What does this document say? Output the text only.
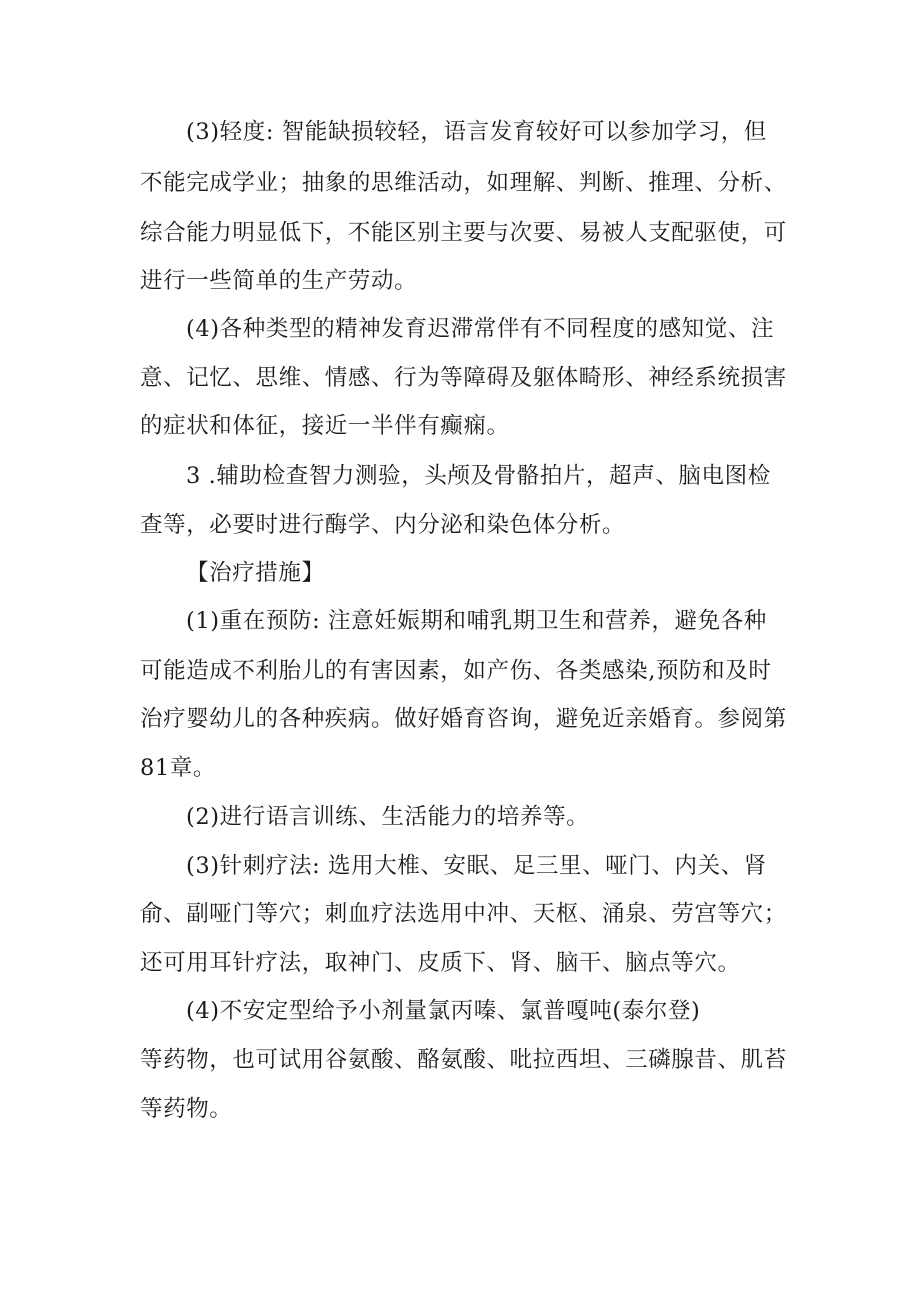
(3)轻度: 智能缺损较轻，语言发育较好可以参加学习，但
不能完成学业；抽象的思维活动，如理解、判断、推理、分析、
综合能力明显低下，不能区别主要与次要、易被人支配驱使，可
进行一些简单的生产劳动。
(4)各种类型的精神发育迟滞常伴有不同程度的感知觉、注
意、记忆、思维、情感、行为等障碍及躯体畸形、神经系统损害
的症状和体征，接近一半伴有癫痫。
3 .辅助检查智力测验，头颅及骨骼拍片，超声、脑电图检
查等，必要时进行酶学、内分泌和染色体分析。
【治疗措施】
(1)重在预防: 注意妊娠期和哺乳期卫生和营养，避免各种
可能造成不利胎儿的有害因素，如产伤、各类感染,预防和及时
治疗婴幼儿的各种疾病。做好婚育咨询，避免近亲婚育。参阅第
81章。
(2)进行语言训练、生活能力的培养等。
(3)针刺疗法: 选用大椎、安眠、足三里、哑门、内关、肾
俞、副哑门等穴；刺血疗法选用中冲、天枢、涌泉、劳宫等穴；
还可用耳针疗法，取神门、皮质下、肾、脑干、脑点等穴。
(4)不安定型给予小剂量氯丙嗪、氯普嘎吨(泰尔登)
等药物，也可试用谷氨酸、酪氨酸、吡拉西坦、三磷腺昔、肌苔
等药物。
